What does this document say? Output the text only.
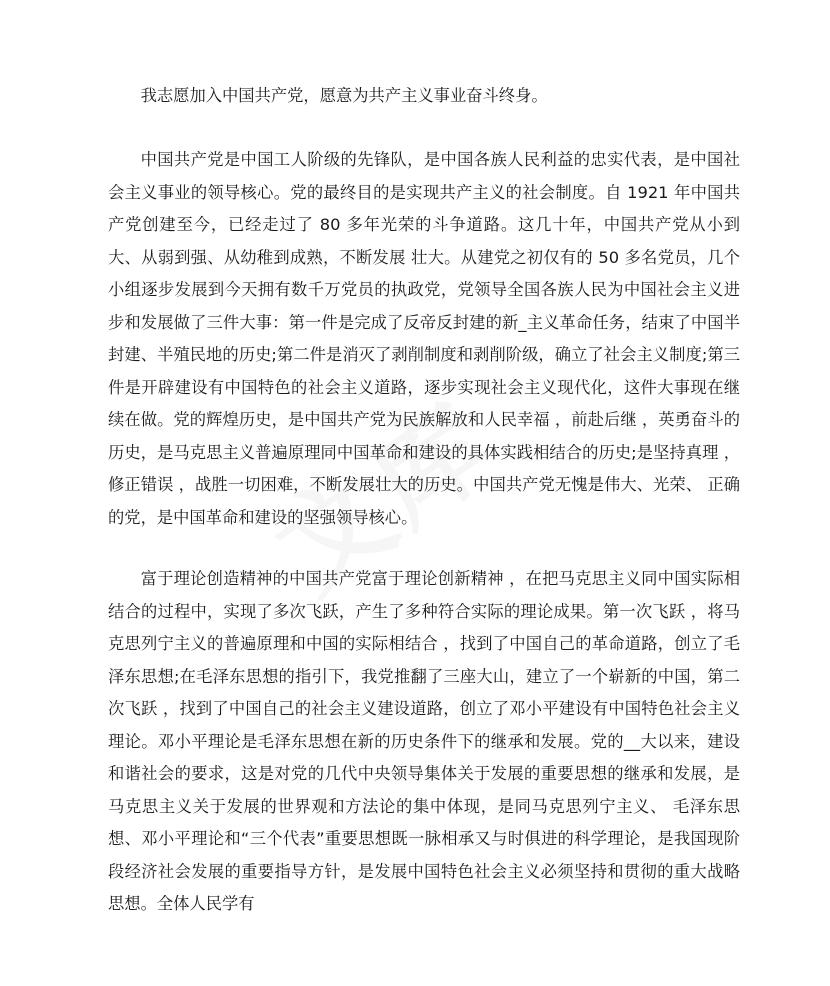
我志愿加入中国共产党，愿意为共产主义事业奋斗终身。

中国共产党是中国工人阶级的先锋队，是中国各族人民利益的忠实代表，是中国社会主义事业的领导核心。党的最终目的是实现共产主义的社会制度。自 1921 年中国共产党创建至今，已经走过了 80 多年光荣的斗争道路。这几十年，中国共产党从小到大、从弱到强、从幼稚到成熟，不断发展 壮大。从建党之初仅有的 50 多名党员，几个小组逐步发展到今天拥有数千万党员的执政党，党领导全国各族人民为中国社会主义进步和发展做了三件大事：第一件是完成了反帝反封建的新_主义革命任务，结束了中国半封建、半殖民地的历史;第二件是消灭了剥削制度和剥削阶级，确立了社会主义制度;第三件是开辟建设有中国特色的社会主义道路，逐步实现社会主义现代化，这件大事现在继续在做。党的辉煌历史，是中国共产党为民族解放和人民幸福 ，前赴后继 ，英勇奋斗的历史，是马克思主义普遍原理同中国革命和建设的具体实践相结合的历史;是坚持真理 ，修正错误 ，战胜一切困难，不断发展壮大的历史。中国共产党无愧是伟大、光荣、 正确的党，是中国革命和建设的坚强领导核心。

富于理论创造精神的中国共产党富于理论创新精神 ，在把马克思主义同中国实际相结合的过程中，实现了多次飞跃，产生了多种符合实际的理论成果。第一次飞跃 ，将马克思列宁主义的普遍原理和中国的实际相结合 ，找到了中国自己的革命道路，创立了毛泽东思想;在毛泽东思想的指引下，我党推翻了三座大山，建立了一个崭新的中国，第二次飞跃 ，找到了中国自己的社会主义建设道路，创立了邓小平建设有中国特色社会主义理论。邓小平理论是毛泽东思想在新的历史条件下的继承和发展。党的__大以来，建设和谐社会的要求，这是对党的几代中央领导集体关于发展的重要思想的继承和发展，是马克思主义关于发展的世界观和方法论的集中体现，是同马克思列宁主义、 毛泽东思想、邓小平理论和“三个代表”重要思想既一脉相承又与时俱进的科学理论，是我国现阶段经济社会发展的重要指导方针，是发展中国特色社会主义必须坚持和贯彻的重大战略思想。全体人民学有
